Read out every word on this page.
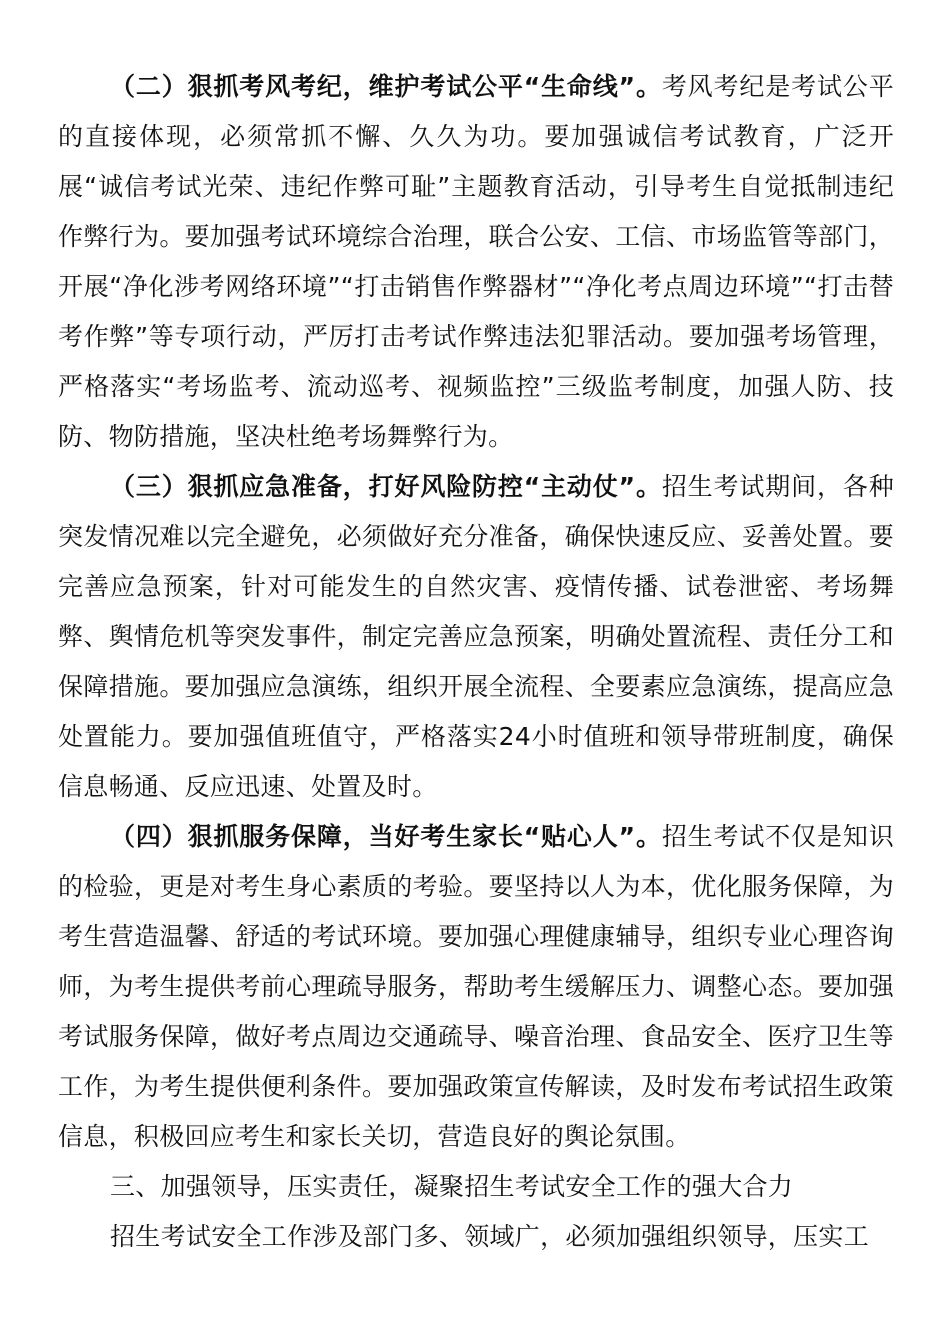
（二）狠抓考风考纪，维护考试公平“生命线”。考风考纪是考试公平的直接体现，必须常抓不懈、久久为功。要加强诚信考试教育，广泛开展“诚信考试光荣、违纪作弊可耻”主题教育活动，引导考生自觉抵制违纪作弊行为。要加强考试环境综合治理，联合公安、工信、市场监管等部门，开展“净化涉考网络环境”“打击销售作弊器材”“净化考点周边环境”“打击替考作弊”等专项行动，严厉打击考试作弊违法犯罪活动。要加强考场管理，严格落实“考场监考、流动巡考、视频监控”三级监考制度，加强人防、技防、物防措施，坚决杜绝考场舞弊行为。

（三）狠抓应急准备，打好风险防控“主动仗”。招生考试期间，各种突发情况难以完全避免，必须做好充分准备，确保快速反应、妥善处置。要完善应急预案，针对可能发生的自然灾害、疫情传播、试卷泄密、考场舞弊、舆情危机等突发事件，制定完善应急预案，明确处置流程、责任分工和保障措施。要加强应急演练，组织开展全流程、全要素应急演练，提高应急处置能力。要加强值班值守，严格落实24小时值班和领导带班制度，确保信息畅通、反应迅速、处置及时。

（四）狠抓服务保障，当好考生家长“贴心人”。招生考试不仅是知识的检验，更是对考生身心素质的考验。要坚持以人为本，优化服务保障，为考生营造温馨、舒适的考试环境。要加强心理健康辅导，组织专业心理咨询师，为考生提供考前心理疏导服务，帮助考生缓解压力、调整心态。要加强考试服务保障，做好考点周边交通疏导、噪音治理、食品安全、医疗卫生等工作，为考生提供便利条件。要加强政策宣传解读，及时发布考试招生政策信息，积极回应考生和家长关切，营造良好的舆论氛围。

三、加强领导，压实责任，凝聚招生考试安全工作的强大合力

招生考试安全工作涉及部门多、领域广，必须加强组织领导，压实工
